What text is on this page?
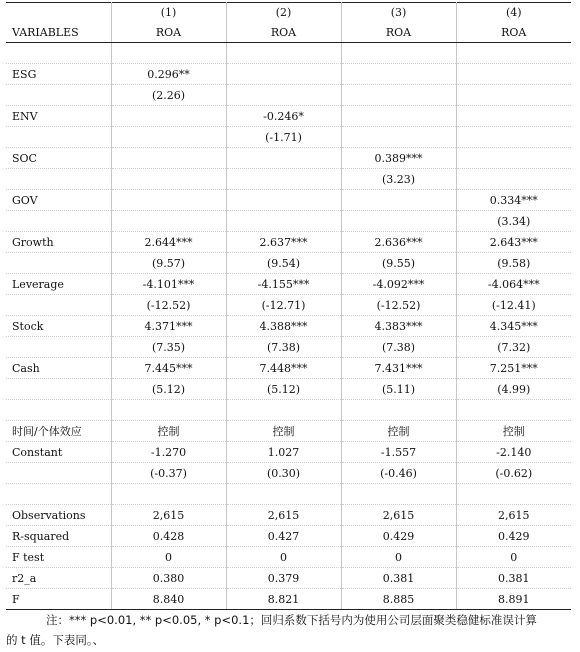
	(1)	(2)	(3)	(4)
VARIABLES	ROA	ROA	ROA	ROA

ESG	0.296**			
	(2.26)			
ENV		-0.246*		
		(-1.71)		
SOC			0.389***	
			(3.23)	
GOV				0.334***
				(3.34)
Growth	2.644***	2.637***	2.636***	2.643***
	(9.57)	(9.54)	(9.55)	(9.58)
Leverage	-4.101***	-4.155***	-4.092***	-4.064***
	(-12.52)	(-12.71)	(-12.52)	(-12.41)
Stock	4.371***	4.388***	4.383***	4.345***
	(7.35)	(7.38)	(7.38)	(7.32)
Cash	7.445***	7.448***	7.431***	7.251***
	(5.12)	(5.12)	(5.11)	(4.99)

时间/个体效应	控制	控制	控制	控制
Constant	-1.270	1.027	-1.557	-2.140
	(-0.37)	(0.30)	(-0.46)	(-0.62)

Observations	2,615	2,615	2,615	2,615
R-squared	0.428	0.427	0.429	0.429
F test	0	0	0	0
r2_a	0.380	0.379	0.381	0.381
F	8.840	8.821	8.885	8.891
注：*** p<0.01, ** p<0.05, * p<0.1；回归系数下括号内为使用公司层面聚类稳健标准误计算
的 t 值。下表同。、
